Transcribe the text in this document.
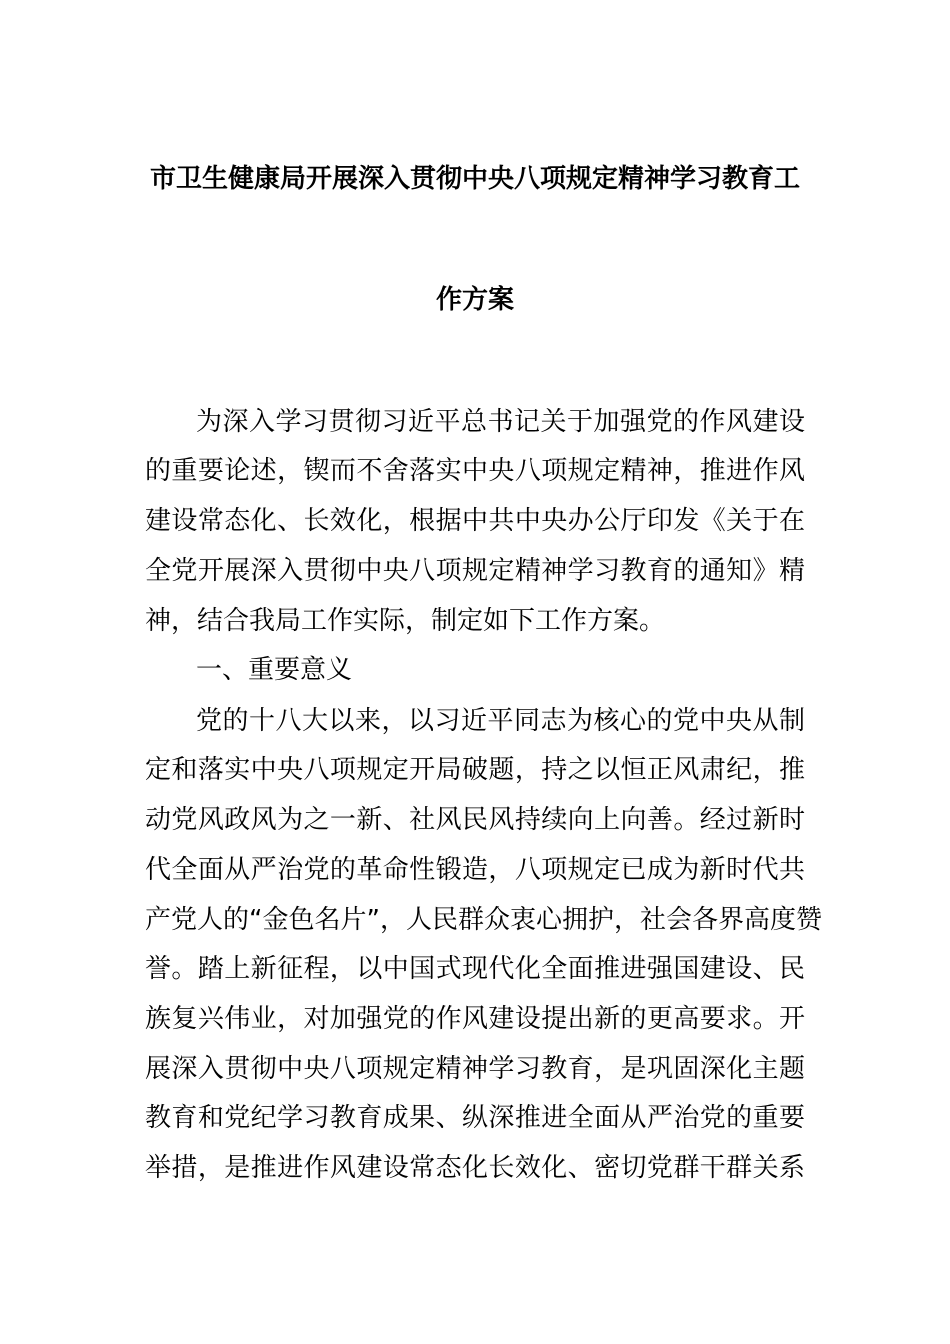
市卫生健康局开展深入贯彻中央八项规定精神学习教育工
作方案
为深入学习贯彻习近平总书记关于加强党的作风建设
的重要论述，锲而不舍落实中央八项规定精神，推进作风
建设常态化、长效化，根据中共中央办公厅印发《关于在
全党开展深入贯彻中央八项规定精神学习教育的通知》精
神，结合我局工作实际，制定如下工作方案。
一、重要意义
党的十八大以来，以习近平同志为核心的党中央从制
定和落实中央八项规定开局破题，持之以恒正风肃纪，推
动党风政风为之一新、社风民风持续向上向善。经过新时
代全面从严治党的革命性锻造，八项规定已成为新时代共
产党人的“金色名片”，人民群众衷心拥护，社会各界高度赞
誉。踏上新征程，以中国式现代化全面推进强国建设、民
族复兴伟业，对加强党的作风建设提出新的更高要求。开
展深入贯彻中央八项规定精神学习教育，是巩固深化主题
教育和党纪学习教育成果、纵深推进全面从严治党的重要
举措，是推进作风建设常态化长效化、密切党群干群关系
